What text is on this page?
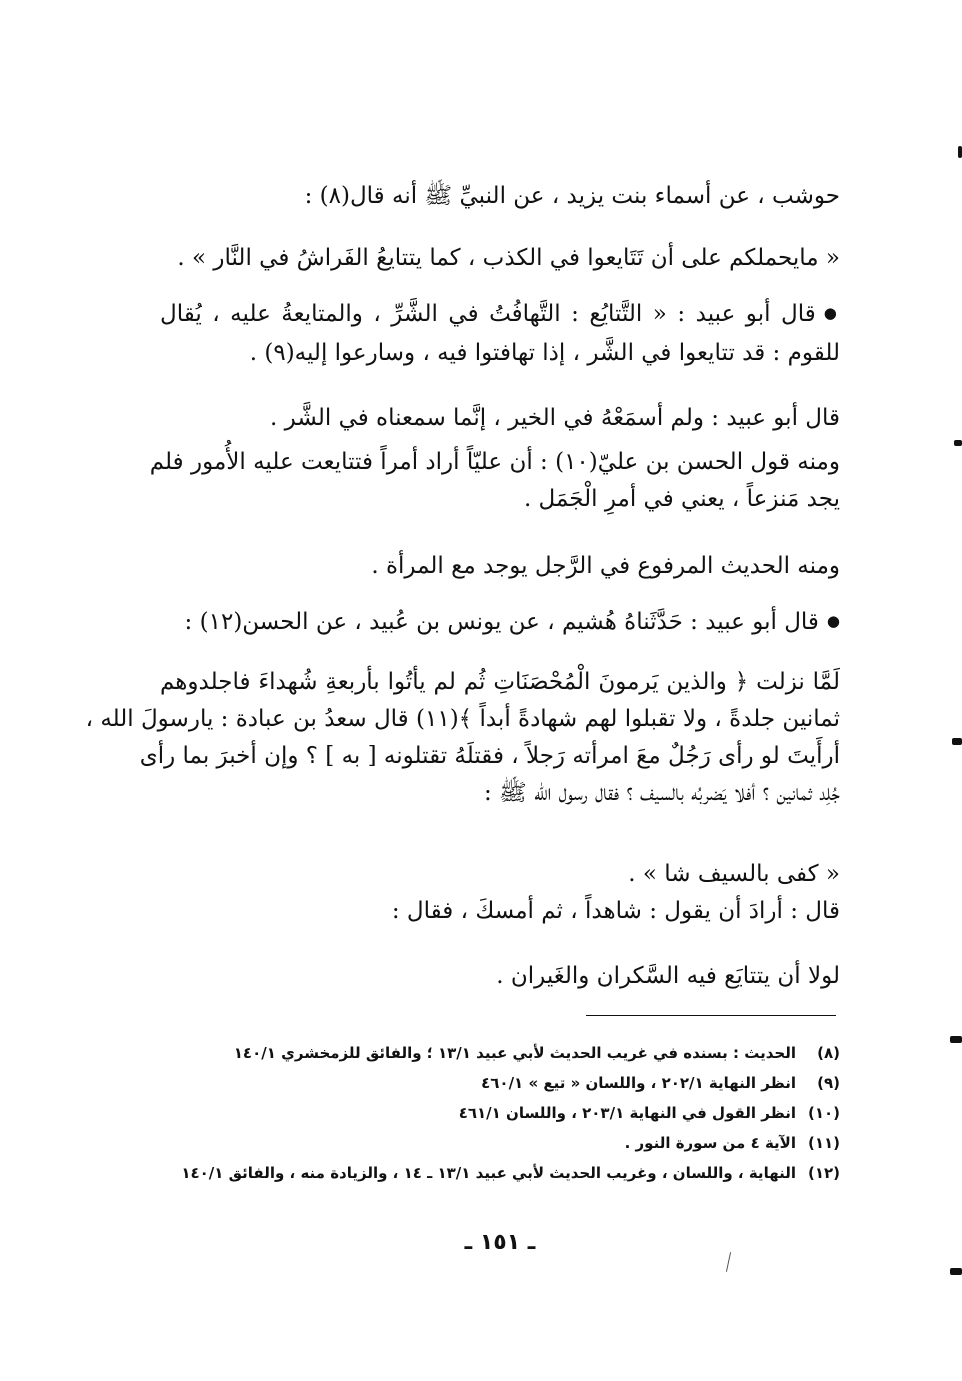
حوشب ، عن أسماء بنت يزيد ، عن النبيِّ ﷺ أنه قال(٨) :
« مايحملكم على أن تَتَايعوا في الكذب ، كما يتتايعُ الفَراشُ في النَّار » .
● قال أبو عبيد : « التَّتايُع : التَّهافُتُ في الشَّرِّ ، والمتايعةُ عليه ، يُقال
للقوم : قد تتايعوا في الشَّر ، إذا تهافتوا فيه ، وسارعوا إليه(٩) .
قال أبو عبيد : ولم أسمَعْهُ في الخير ، إنَّما سمعناه في الشَّر .
ومنه قول الحسن بن عليّ(١٠) : أن عليّاً أراد أمراً فتتايعت عليه الأُمور فلم
يجد مَنزعاً ، يعني في أمرِ الْجَمَل .
ومنه الحديث المرفوع في الرَّجل يوجد مع المرأة .
● قال أبو عبيد : حَدَّثَناهُ هُشيم ، عن يونس بن عُبيد ، عن الحسن(١٢) :
لَمَّا نزلت ﴿ والذين يَرمونَ الْمُحْصَنَاتِ ثُم لم يأتُوا بأربعةِ شُهداءَ فاجلدوهم
ثمانين جلدةً ، ولا تقبلوا لهم شهادةً أبداً ﴾(١١) قال سعدُ بن عبادة : يارسولَ الله ،
أرأَيتَ لو رأى رَجُلٌ معَ امرأته رَجلاً ، فقتلَهُ تقتلونه [ به ] ؟ وإن أخبرَ بما رأى
جُلِد ثمانين ؟ أفلا يَضربُه بالسيف ؟ فقال رسول الله ﷺ :
« كفى بالسيف شا » .
قال : أرادَ أن يقول : شاهداً ، ثم أمسكَ ، فقال :
لولا أن يتتايَع فيه السَّكران والغَيران .
(٨)
الحديث : بسنده في غريب الحديث لأبي عبيد ١٣/١ ؛ والفائق للزمخشري ١٤٠/١
(٩)
انظر النهاية ٢٠٢/١ ، واللسان « تيع » ٤٦٠/١
(١٠)
انظر القول في النهاية ٢٠٣/١ ، واللسان ٤٦١/١
(١١)
الآية ٤ من سورة النور .
(١٢)
النهاية ، واللسان ، وغريب الحديث لأبي عبيد ١٣/١ ـ ١٤ ، والزيادة منه ، والفائق ١٤٠/١
ـ ١٥١ ـ
